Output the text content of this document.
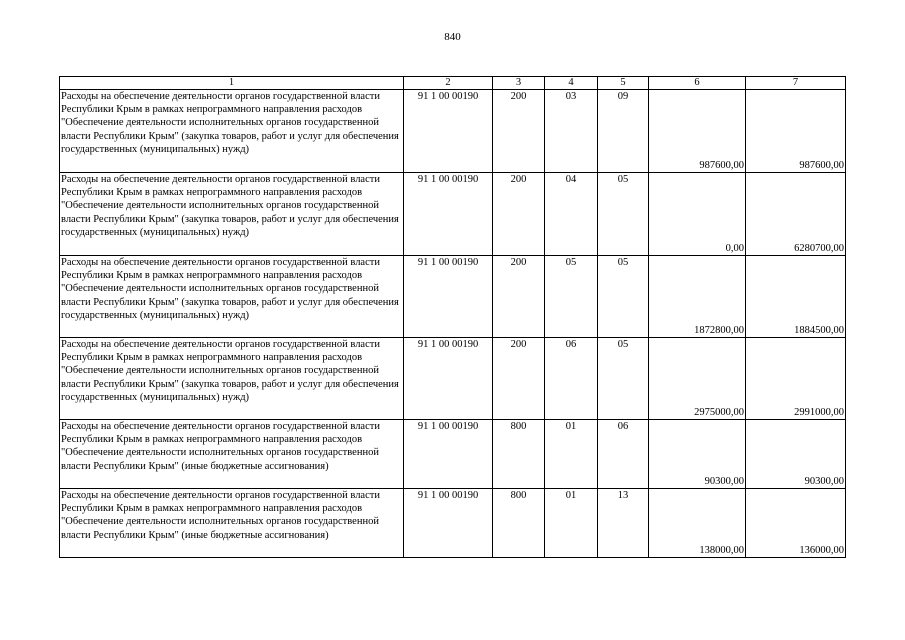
840
1	2	3	4	5	6	7
Расходы на обеспечение деятельности органов государственной власти Республики Крым в рамках непрограммного направления расходов "Обеспечение деятельности исполнительных органов государственной власти Республики Крым" (закупка товаров, работ и услуг для обеспечения государственных (муниципальных) нужд)	91 1 00 00190	200	03	09	987600,00	987600,00
Расходы на обеспечение деятельности органов государственной власти Республики Крым в рамках непрограммного направления расходов "Обеспечение деятельности исполнительных органов государственной власти Республики Крым" (закупка товаров, работ и услуг для обеспечения государственных (муниципальных) нужд)	91 1 00 00190	200	04	05	0,00	6280700,00
Расходы на обеспечение деятельности органов государственной власти Республики Крым в рамках непрограммного направления расходов "Обеспечение деятельности исполнительных органов государственной власти Республики Крым" (закупка товаров, работ и услуг для обеспечения государственных (муниципальных) нужд)	91 1 00 00190	200	05	05	1872800,00	1884500,00
Расходы на обеспечение деятельности органов государственной власти Республики Крым в рамках непрограммного направления расходов "Обеспечение деятельности исполнительных органов государственной власти Республики Крым" (закупка товаров, работ и услуг для обеспечения государственных (муниципальных) нужд)	91 1 00 00190	200	06	05	2975000,00	2991000,00
Расходы на обеспечение деятельности органов государственной власти Республики Крым в рамках непрограммного направления расходов "Обеспечение деятельности исполнительных органов государственной власти Республики Крым" (иные бюджетные ассигнования)	91 1 00 00190	800	01	06	90300,00	90300,00
Расходы на обеспечение деятельности органов государственной власти Республики Крым в рамках непрограммного направления расходов "Обеспечение деятельности исполнительных органов государственной власти Республики Крым" (иные бюджетные ассигнования)	91 1 00 00190	800	01	13	138000,00	136000,00
